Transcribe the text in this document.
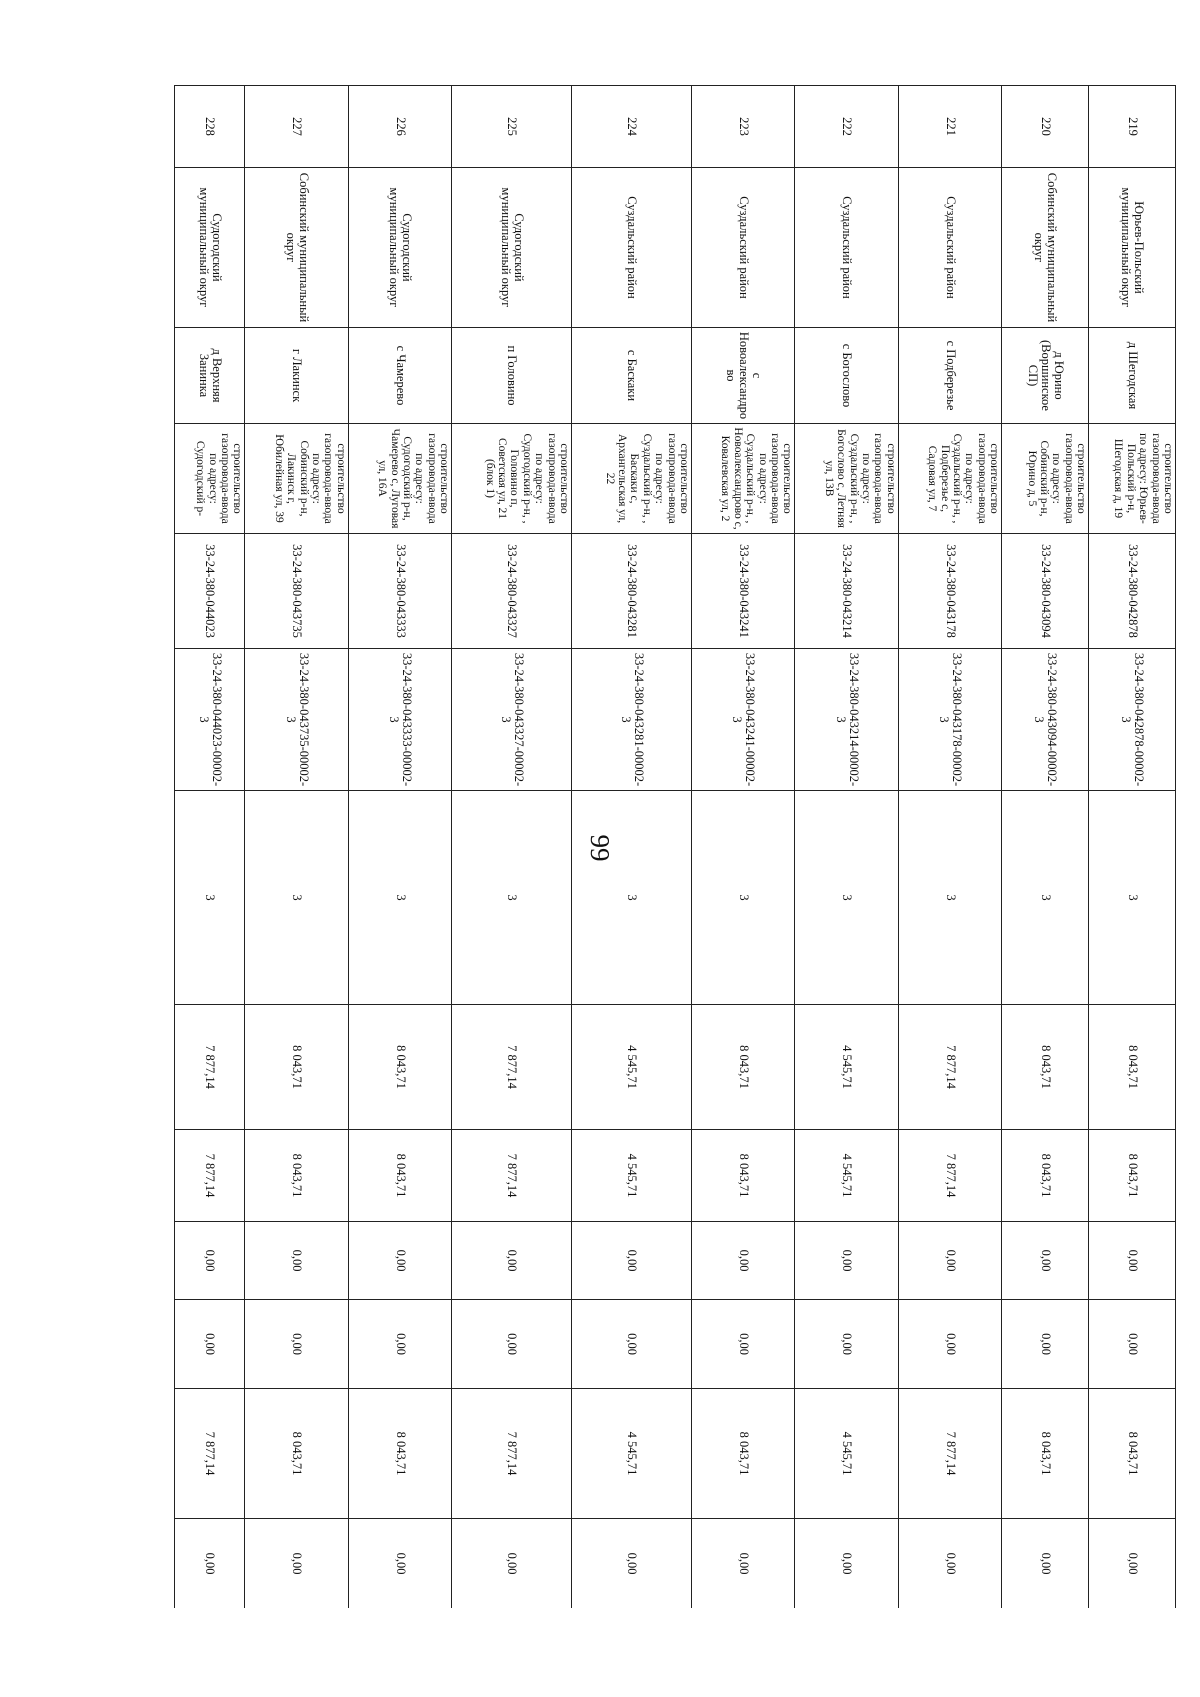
99
219	Юрьев-Польский муниципальный округ	д Шегодская	строительство газопровода-ввода по адресу: Юрьев-Польский р-н, Шегодская д, 19	33-24-380-042878	33-24-380-042878-00002-3	3	8 043,71	8 043,71	0,00	0,00	8 043,71	0,00
220	Собинский муниципальный округ	д Юрино (Воршинское СП)	строительство газопровода-ввода по адресу: Собинский р-н, Юрино д, 5	33-24-380-043094	33-24-380-043094-00002-3	3	8 043,71	8 043,71	0,00	0,00	8 043,71	0,00
221	Суздальский район	с Подберезье	строительство газопровода-ввода по адресу: Суздальский р-н, , Подберезье с, Садовая ул, 7	33-24-380-043178	33-24-380-043178-00002-3	3	7 877,14	7 877,14	0,00	0,00	7 877,14	0,00
222	Суздальский район	с Богослово	строительство газопровода-ввода по адресу: Суздальский р-н, , Богослово с, Летняя ул, 13В	33-24-380-043214	33-24-380-043214-00002-3	3	4 545,71	4 545,71	0,00	0,00	4 545,71	0,00
223	Суздальский район	с Новоалександрово	строительство газопровода-ввода по адресу: Суздальский р-н, , Новоалександрово с, Ковалевская ул, 2	33-24-380-043241	33-24-380-043241-00002-3	3	8 043,71	8 043,71	0,00	0,00	8 043,71	0,00
224	Суздальский район	с Баскаки	строительство газопровода-ввода по адресу: Суздальский р-н, , Баскаки с, Архангельская ул, 22	33-24-380-043281	33-24-380-043281-00002-3	3	4 545,71	4 545,71	0,00	0,00	4 545,71	0,00
225	Судогодский муниципальный округ	п Головино	строительство газопровода-ввода по адресу: Судогодский р-н, , Головино п, Советская ул, 21 (блок 1)	33-24-380-043327	33-24-380-043327-00002-3	3	7 877,14	7 877,14	0,00	0,00	7 877,14	0,00
226	Судогодский муниципальный округ	с Чамерево	строительство газопровода-ввода по адресу: Судогодский р-н, Чамерево с, Луговая ул, 16А	33-24-380-043333	33-24-380-043333-00002-3	3	8 043,71	8 043,71	0,00	0,00	8 043,71	0,00
227	Собинский муниципальный округ	г Лакинск	строительство газопровода-ввода по адресу: Собинский р-н, Лакинск г, Юбилейная ул, 39	33-24-380-043735	33-24-380-043735-00002-3	3	8 043,71	8 043,71	0,00	0,00	8 043,71	0,00
228	Судогодский муниципальный округ	д Верхняя Занинка	строительство газопровода-ввода по адресу: Судогодский р-	33-24-380-044023	33-24-380-044023-00002-3	3	7 877,14	7 877,14	0,00	0,00	7 877,14	0,00
